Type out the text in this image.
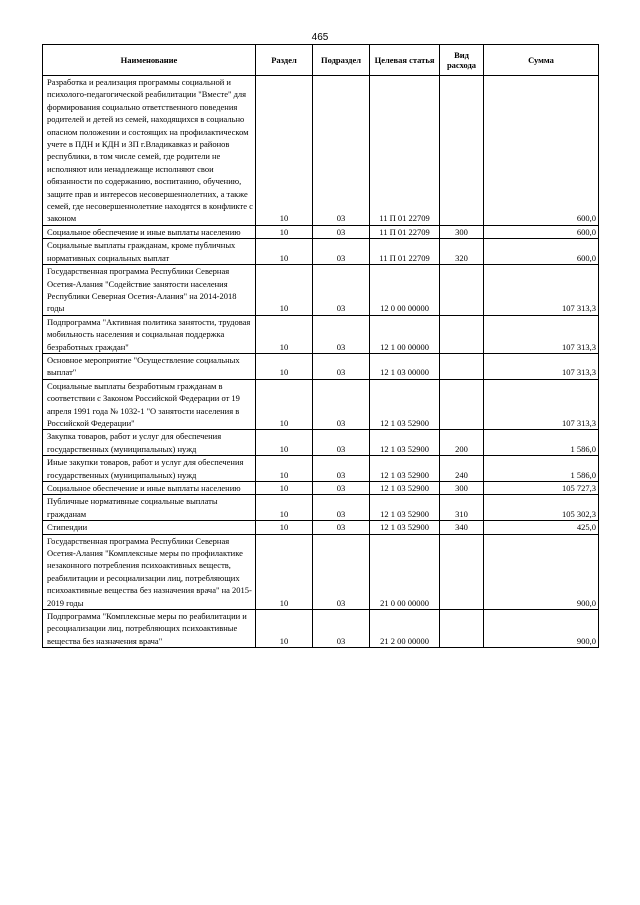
465
Наименование	Раздел	Подраздел	Целевая статья	Вид расхода	Сумма
Разработка и реализация программы социальной и психолого-педагогической реабилитации "Вместе" для формирования социально ответственного поведения родителей и детей из семей, находящихся в социально опасном положении и состоящих на профилактическом учете в ПДН и КДН и ЗП г.Владикавказ и районов республики, в том числе семей, где родители не исполняют или ненадлежаще исполняют свои обязанности по содержанию, воспитанию, обучению, защите прав и интересов несовершеннолетних, а также семей, где несовершеннолетние находятся в конфликте с законом	10	03	11 П 01 22709		600,0
Социальное обеспечение и иные выплаты населению	10	03	11 П 01 22709	300	600,0
Социальные выплаты гражданам, кроме публичных нормативных социальных выплат	10	03	11 П 01 22709	320	600,0
Государственная программа Республики Северная Осетия-Алания "Содействие занятости населения Республики Северная Осетия-Алания" на 2014-2018 годы	10	03	12 0 00 00000		107 313,3
Подпрограмма "Активная политика занятости, трудовая мобильность населения и социальная поддержка безработных граждан"	10	03	12 1 00 00000		107 313,3
Основное мероприятие "Осуществление социальных выплат"	10	03	12 1 03 00000		107 313,3
Социальные выплаты безработным гражданам в соответствии с Законом Российской Федерации от 19 апреля 1991 года № 1032-1 "О занятости населения в Российской Федерации"	10	03	12 1 03 52900		107 313,3
Закупка товаров, работ и услуг для обеспечения государственных (муниципальных) нужд	10	03	12 1 03 52900	200	1 586,0
Иные закупки товаров, работ и услуг для обеспечения государственных (муниципальных) нужд	10	03	12 1 03 52900	240	1 586,0
Социальное обеспечение и иные выплаты населению	10	03	12 1 03 52900	300	105 727,3
Публичные нормативные социальные выплаты гражданам	10	03	12 1 03 52900	310	105 302,3
Стипендии	10	03	12 1 03 52900	340	425,0
Государственная программа Республики Северная Осетия-Алания "Комплексные меры по профилактике незаконного потребления психоактивных веществ, реабилитации и ресоциализации лиц, потребляющих психоактивные вещества без назначения врача" на 2015-2019 годы	10	03	21 0 00 00000		900,0
Подпрограмма "Комплексные меры по реабилитации и ресоциализации лиц, потребляющих психоактивные вещества без назначения врача"	10	03	21 2 00 00000		900,0
